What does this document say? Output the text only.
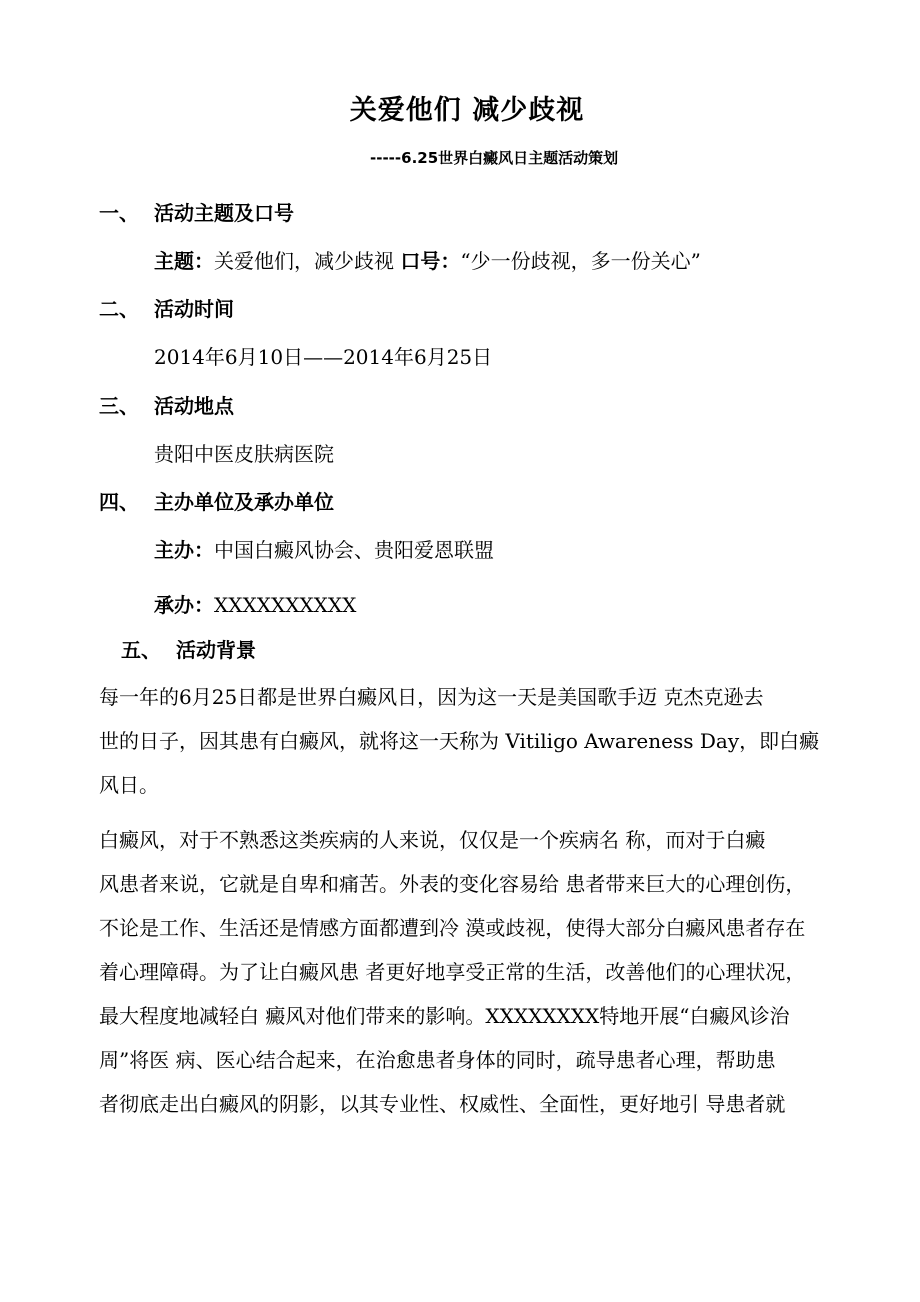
关爱他们 减少歧视
-----6.25世界白癜风日主题活动策划
一、 活动主题及口号
主题：关爱他们，减少歧视 口号：“少一份歧视，多一份关心”
二、 活动时间
2014年6月10日——2014年6月25日
三、 活动地点
贵阳中医皮肤病医院
四、 主办单位及承办单位
主办：中国白癜风协会、贵阳爱恩联盟
承办：XXXXXXXXXX
五、 活动背景
每一年的6月25日都是世界白癜风日，因为这一天是美国歌手迈 克杰克逊去
世的日子，因其患有白癜风，就将这一天称为 Vitiligo Awareness Day，即白癜
风日。
白癜风，对于不熟悉这类疾病的人来说，仅仅是一个疾病名 称，而对于白癜
风患者来说，它就是自卑和痛苦。外表的变化容易给 患者带来巨大的心理创伤，
不论是工作、生活还是情感方面都遭到冷 漠或歧视，使得大部分白癜风患者存在
着心理障碍。为了让白癜风患 者更好地享受正常的生活，改善他们的心理状况，
最大程度地减轻白 癜风对他们带来的影响。XXXXXXXX特地开展“白癜风诊治
周”将医 病、医心结合起来，在治愈患者身体的同时，疏导患者心理，帮助患
者彻底走出白癜风的阴影，以其专业性、权威性、全面性，更好地引 导患者就
